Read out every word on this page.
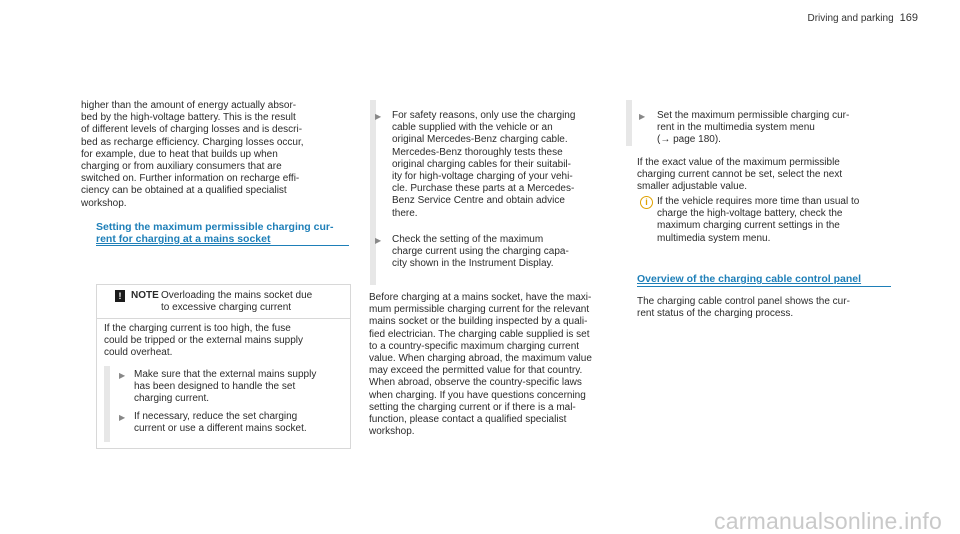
Driving and parking 169
higher than the amount of energy actually absor-
bed by the high-voltage battery. This is the result
of different levels of charging losses and is descri-
bed as recharge efficiency. Charging losses occur,
for example, due to heat that builds up when
charging or from auxiliary consumers that are
switched on. Further information on recharge effi-
ciency can be obtained at a qualified specialist
workshop.
Setting the maximum permissible charging cur-
rent for charging at a mains socket
! NOTE Overloading the mains socket due
to excessive charging current
If the charging current is too high, the fuse
could be tripped or the external mains supply
could overheat.
▶ Make sure that the external mains supply
has been designed to handle the set
charging current.
▶ If necessary, reduce the set charging
current or use a different mains socket.
▶ For safety reasons, only use the charging
cable supplied with the vehicle or an
original Mercedes-Benz charging cable.
Mercedes-Benz thoroughly tests these
original charging cables for their suitabil-
ity for high-voltage charging of your vehi-
cle. Purchase these parts at a Mercedes-
Benz Service Centre and obtain advice
there.
▶ Check the setting of the maximum
charge current using the charging capa-
city shown in the Instrument Display.
Before charging at a mains socket, have the maxi-
mum permissible charging current for the relevant
mains socket or the building inspected by a quali-
fied electrician. The charging cable supplied is set
to a country-specific maximum charging current
value. When charging abroad, the maximum value
may exceed the permitted value for that country.
When abroad, observe the country-specific laws
when charging. If you have questions concerning
setting the charging current or if there is a mal-
function, please contact a qualified specialist
workshop.
▶ Set the maximum permissible charging cur-
rent in the multimedia system menu
(→ page 180).
If the exact value of the maximum permissible
charging current cannot be set, select the next
smaller adjustable value.
i If the vehicle requires more time than usual to
charge the high-voltage battery, check the
maximum charging current settings in the
multimedia system menu.
Overview of the charging cable control panel
The charging cable control panel shows the cur-
rent status of the charging process.
carmanualsonline.info
